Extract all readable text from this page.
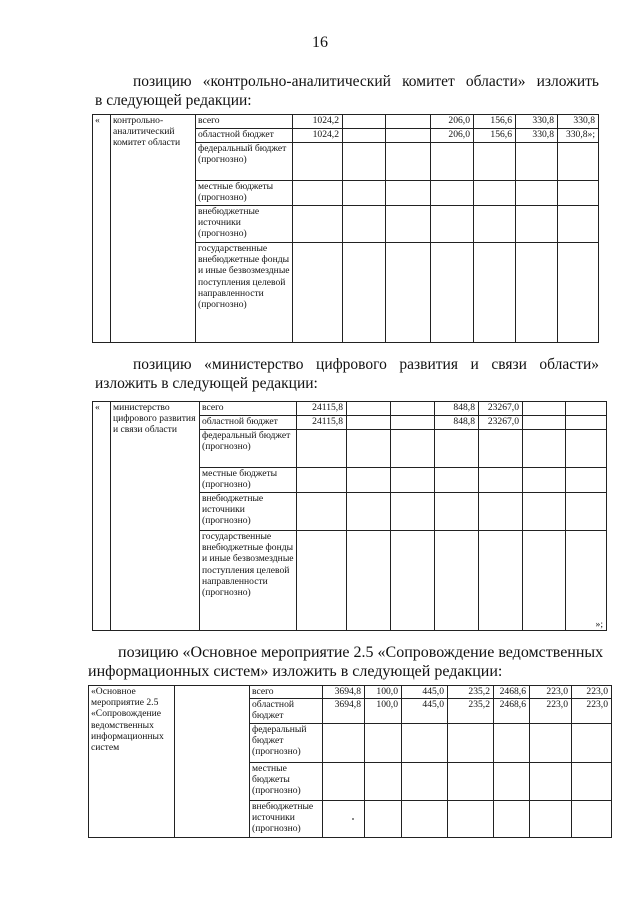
16
позицию «контрольно-аналитический комитет области» изложить
в следующей редакции:
«	контрольно-аналитический комитет области	всего	1024,2			206,0	156,6	330,8	330,8
		областной бюджет	1024,2			206,0	156,6	330,8	330,8»;
		федеральный бюджет (прогнозно)							
		местные бюджеты (прогнозно)							
		внебюджетные источники (прогнозно)							
		государственные внебюджетные фонды и иные безвозмездные поступления целевой направленности (прогнозно)							
позицию «министерство цифрового развития и связи области»
изложить в следующей редакции:
«	министерство цифрового развития и связи области	всего	24115,8			848,8	23267,0		
		областной бюджет	24115,8			848,8	23267,0		
		федеральный бюджет (прогнозно)							
		местные бюджеты (прогнозно)							
		внебюджетные источники (прогнозно)							
		государственные внебюджетные фонды и иные безвозмездные поступления целевой направленности (прогнозно)							»;
позицию «Основное мероприятие 2.5 «Сопровождение ведомственных
информационных систем» изложить в следующей редакции:
«Основное мероприятие 2.5 «Сопровождение ведомственных информационных систем		всего	3694,8	100,0	445,0	235,2	2468,6	223,0	223,0
		областной бюджет	3694,8	100,0	445,0	235,2	2468,6	223,0	223,0
		федеральный бюджет (прогнозно)							
		местные бюджеты (прогнозно)							
		внебюджетные источники (прогнозно)							
